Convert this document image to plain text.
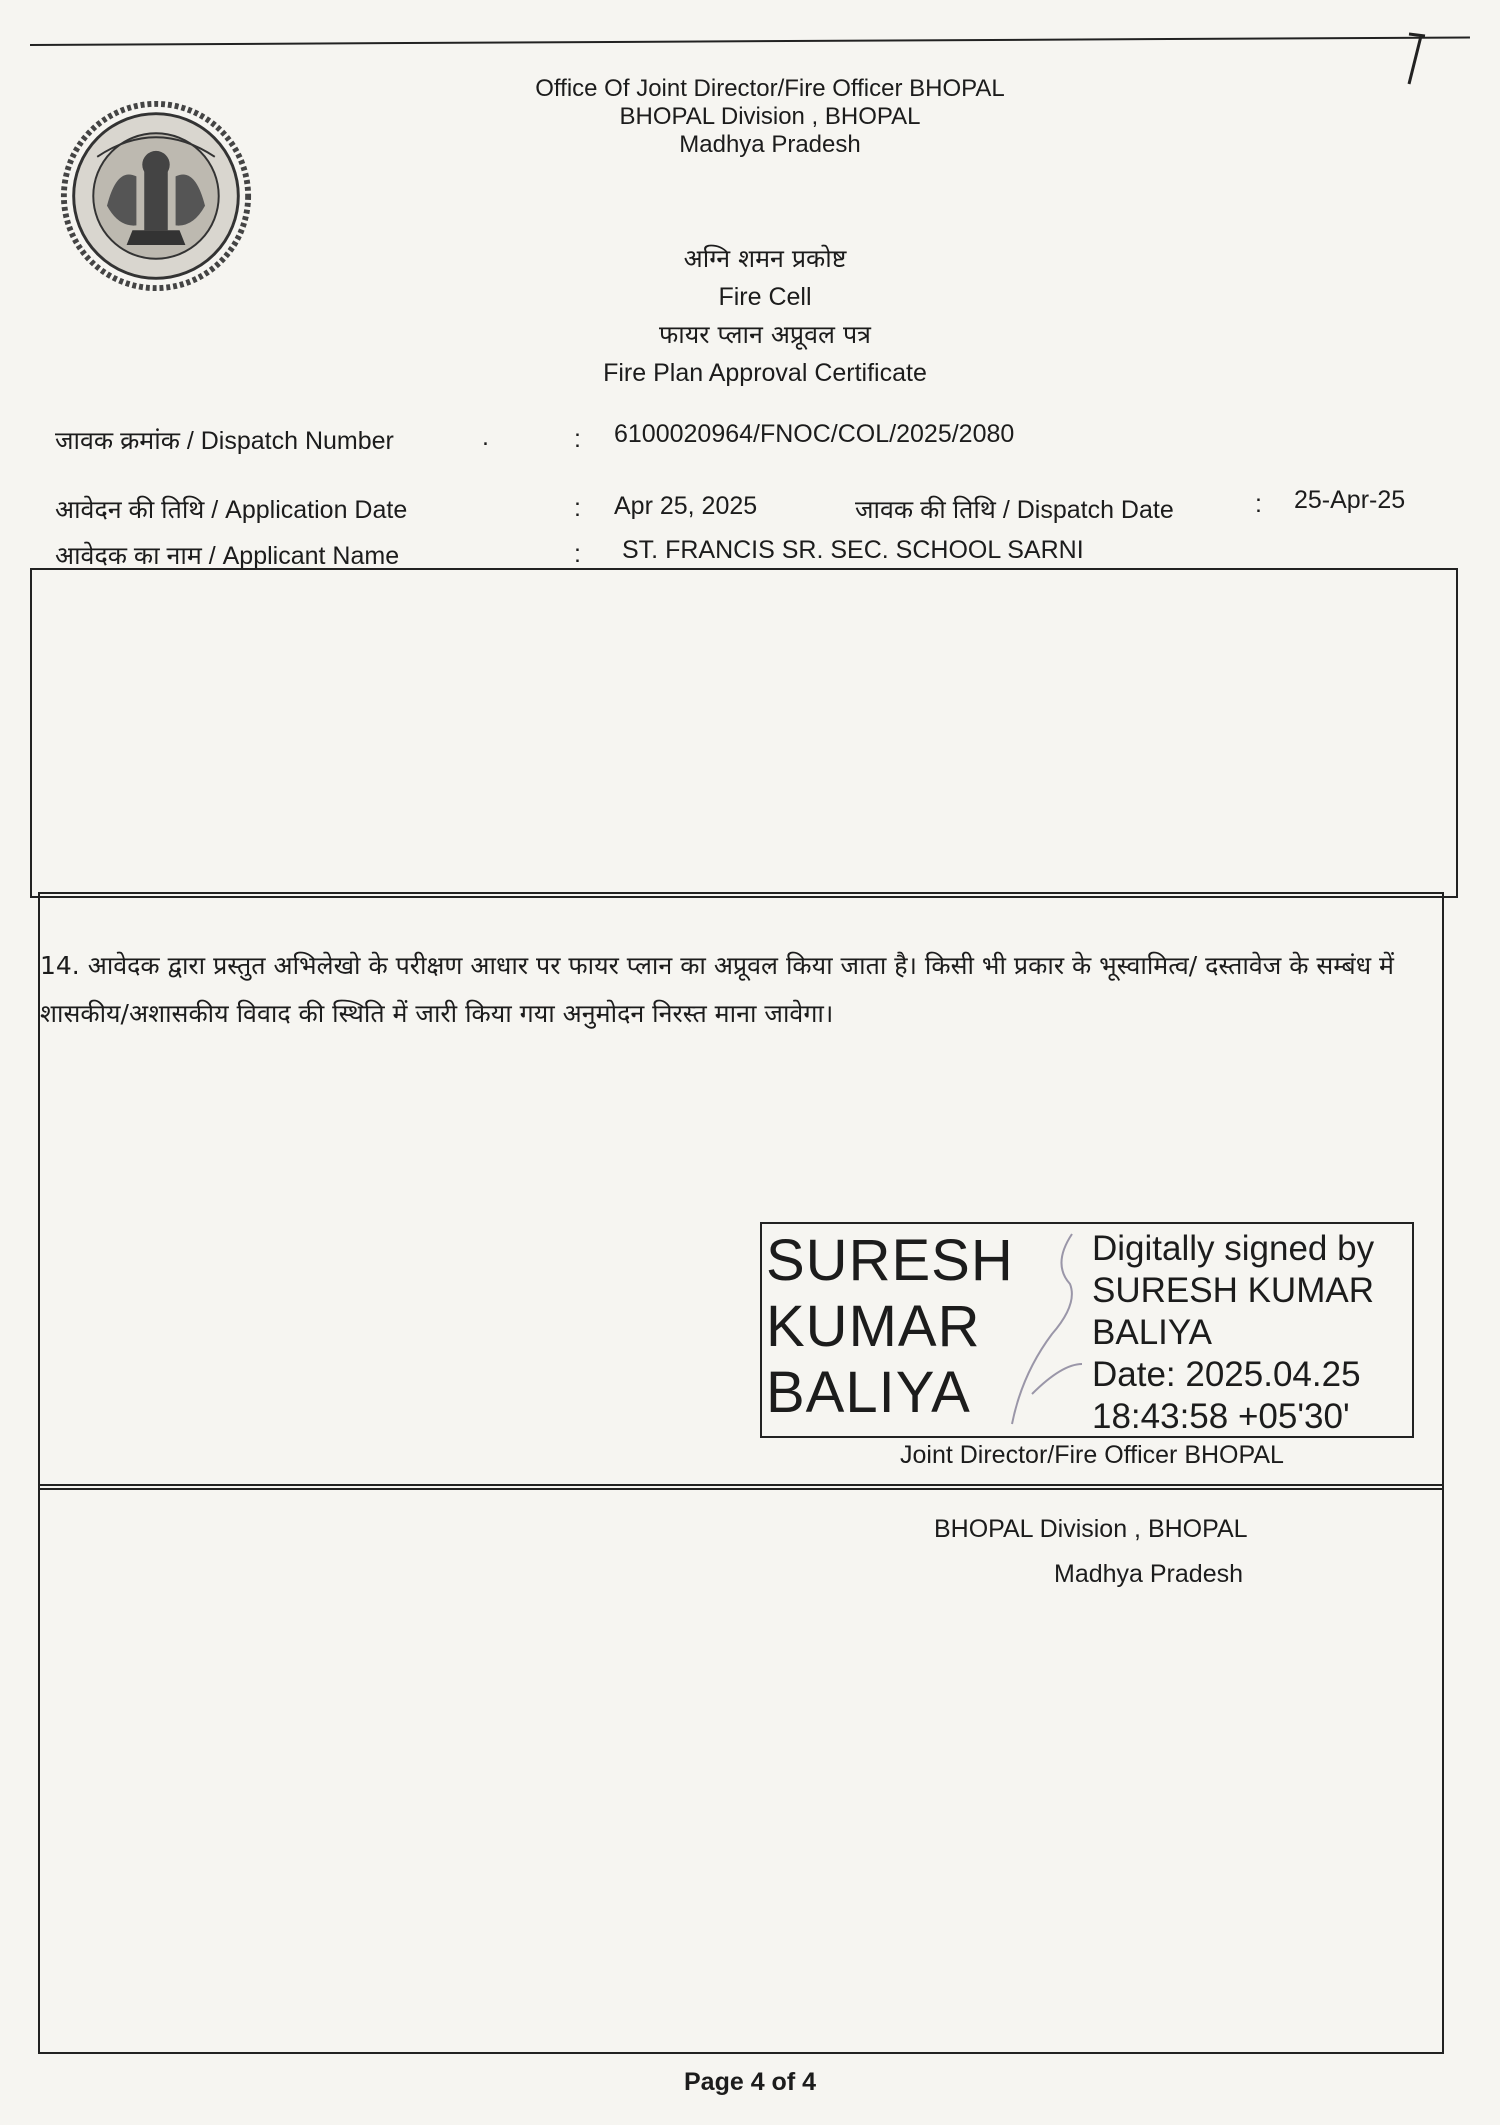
Office Of Joint Director/Fire Officer BHOPAL
BHOPAL Division , BHOPAL
Madhya Pradesh
अग्नि शमन प्रकोष्ट
Fire Cell
फायर प्लान अप्रूवल पत्र
Fire Plan Approval Certificate
जावक क्रमांक / Dispatch Number	.	: 6100020964/FNOC/COL/2025/2080
आवेदन की तिथि / Application Date	: Apr 25, 2025	जावक की तिथि / Dispatch Date	: 25-Apr-25
आवेदक का नाम / Applicant Name	: ST. FRANCIS SR. SEC. SCHOOL SARNI
14. आवेदक द्वारा प्रस्तुत अभिलेखो के परीक्षण आधार पर फायर प्लान का अप्रूवल किया जाता है। किसी भी प्रकार के भूस्वामित्व/ दस्तावेज के सम्बंध में शासकीय/अशासकीय विवाद की स्थिति में जारी किया गया अनुमोदन निरस्त माना जावेगा।
SURESH
KUMAR
BALIYA
Digitally signed by
SURESH KUMAR
BALIYA
Date: 2025.04.25
18:43:58 +05'30'
Joint Director/Fire Officer BHOPAL
BHOPAL Division , BHOPAL
Madhya Pradesh
Page 4 of 4
